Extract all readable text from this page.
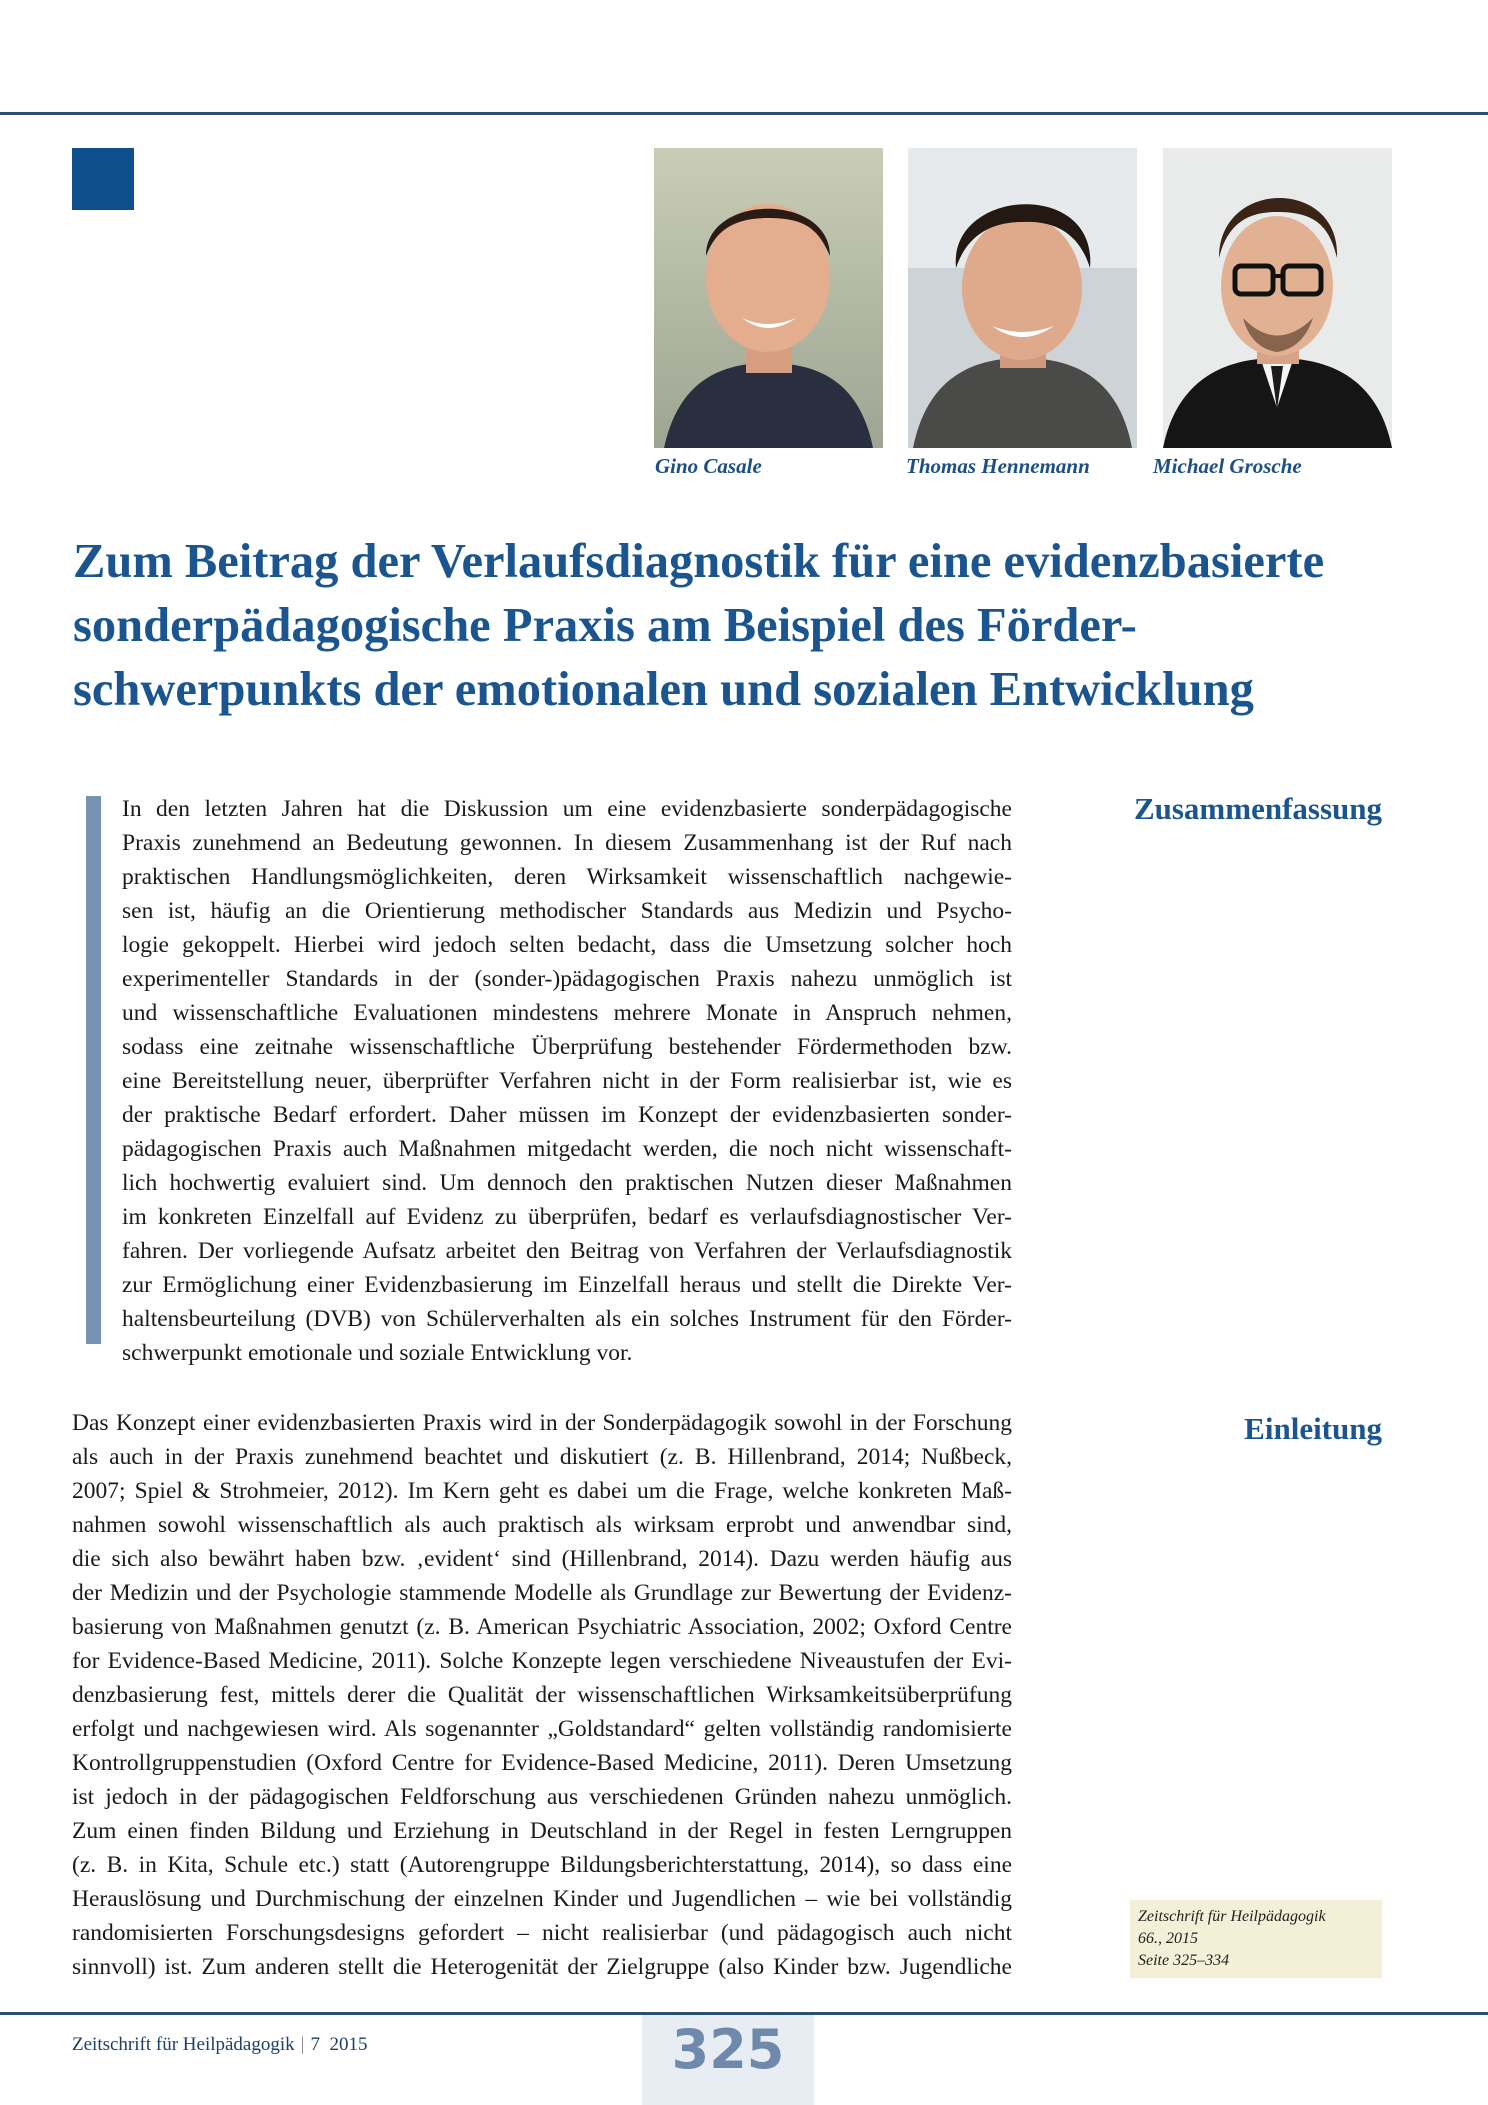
Gino Casale	Thomas Hennemann	Michael Grosche
Zum Beitrag der Verlaufsdiagnostik für eine evidenzbasierte
sonderpädagogische Praxis am Beispiel des Förder-
schwerpunkts der emotionalen und sozialen Entwicklung
Zusammenfassung
In den letzten Jahren hat die Diskussion um eine evidenzbasierte sonderpädagogische
Praxis zunehmend an Bedeutung gewonnen. In diesem Zusammenhang ist der Ruf nach
praktischen Handlungsmöglichkeiten, deren Wirksamkeit wissenschaftlich nachgewie-
sen ist, häufig an die Orientierung methodischer Standards aus Medizin und Psycho-
logie gekoppelt. Hierbei wird jedoch selten bedacht, dass die Umsetzung solcher hoch
experimenteller Standards in der (sonder-)pädagogischen Praxis nahezu unmöglich ist
und wissenschaftliche Evaluationen mindestens mehrere Monate in Anspruch nehmen,
sodass eine zeitnahe wissenschaftliche Überprüfung bestehender Fördermethoden bzw.
eine Bereitstellung neuer, überprüfter Verfahren nicht in der Form realisierbar ist, wie es
der praktische Bedarf erfordert. Daher müssen im Konzept der evidenzbasierten sonder-
pädagogischen Praxis auch Maßnahmen mitgedacht werden, die noch nicht wissenschaft-
lich hochwertig evaluiert sind. Um dennoch den praktischen Nutzen dieser Maßnahmen
im konkreten Einzelfall auf Evidenz zu überprüfen, bedarf es verlaufsdiagnostischer Ver-
fahren. Der vorliegende Aufsatz arbeitet den Beitrag von Verfahren der Verlaufsdiagnostik
zur Ermöglichung einer Evidenzbasierung im Einzelfall heraus und stellt die Direkte Ver-
haltensbeurteilung (DVB) von Schülerverhalten als ein solches Instrument für den Förder-
schwerpunkt emotionale und soziale Entwicklung vor.
Einleitung
Das Konzept einer evidenzbasierten Praxis wird in der Sonderpädagogik sowohl in der Forschung
als auch in der Praxis zunehmend beachtet und diskutiert (z. B. Hillenbrand, 2014; Nußbeck,
2007; Spiel & Strohmeier, 2012). Im Kern geht es dabei um die Frage, welche konkreten Maß-
nahmen sowohl wissenschaftlich als auch praktisch als wirksam erprobt und anwendbar sind,
die sich also bewährt haben bzw. ‚evident‘ sind (Hillenbrand, 2014). Dazu werden häufig aus
der Medizin und der Psychologie stammende Modelle als Grundlage zur Bewertung der Evidenz-
basierung von Maßnahmen genutzt (z. B. American Psychiatric Association, 2002; Oxford Centre
for Evidence-Based Medicine, 2011). Solche Konzepte legen verschiedene Niveaustufen der Evi-
denzbasierung fest, mittels derer die Qualität der wissenschaftlichen Wirksamkeitsüberprüfung
erfolgt und nachgewiesen wird. Als sogenannter „Goldstandard“ gelten vollständig randomisierte
Kontrollgruppenstudien (Oxford Centre for Evidence-Based Medicine, 2011). Deren Umsetzung
ist jedoch in der pädagogischen Feldforschung aus verschiedenen Gründen nahezu unmöglich.
Zum einen finden Bildung und Erziehung in Deutschland in der Regel in festen Lerngruppen
(z. B. in Kita, Schule etc.) statt (Autorengruppe Bildungsberichterstattung, 2014), so dass eine
Herauslösung und Durchmischung der einzelnen Kinder und Jugendlichen – wie bei vollständig
randomisierten Forschungsdesigns gefordert – nicht realisierbar (und pädagogisch auch nicht
sinnvoll) ist. Zum anderen stellt die Heterogenität der Zielgruppe (also Kinder bzw. Jugendliche
Zeitschrift für Heilpädagogik
66., 2015
Seite 325–334
Zeitschrift für Heilpädagogik | 7  2015	325
